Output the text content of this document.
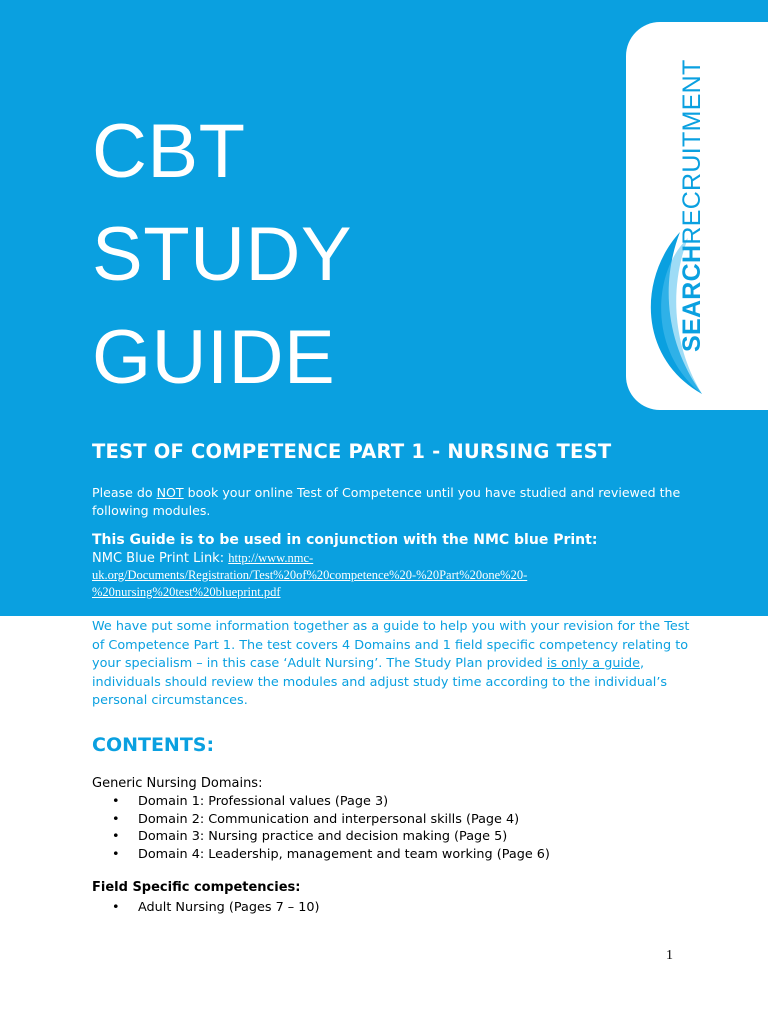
CBT
STUDY
GUIDE
SEARCHRECRUITMENT
TEST OF COMPETENCE PART 1 - NURSING TEST
Please do NOT book your online Test of Competence until you have studied and reviewed the following modules.
This Guide is to be used in conjunction with the NMC blue Print:
NMC Blue Print Link: http://www.nmc-uk.org/Documents/Registration/Test%20of%20competence%20-%20Part%20one%20-%20nursing%20test%20blueprint.pdf
We have put some information together as a guide to help you with your revision for the Test of Competence Part 1. The test covers 4 Domains and 1 field specific competency relating to your specialism – in this case ‘Adult Nursing’. The Study Plan provided is only a guide, individuals should review the modules and adjust study time according to the individual’s personal circumstances.
CONTENTS:
Generic Nursing Domains:
• Domain 1: Professional values (Page 3)
• Domain 2: Communication and interpersonal skills (Page 4)
• Domain 3: Nursing practice and decision making (Page 5)
• Domain 4: Leadership, management and team working (Page 6)
Field Specific competencies:
• Adult Nursing (Pages 7 – 10)
1
